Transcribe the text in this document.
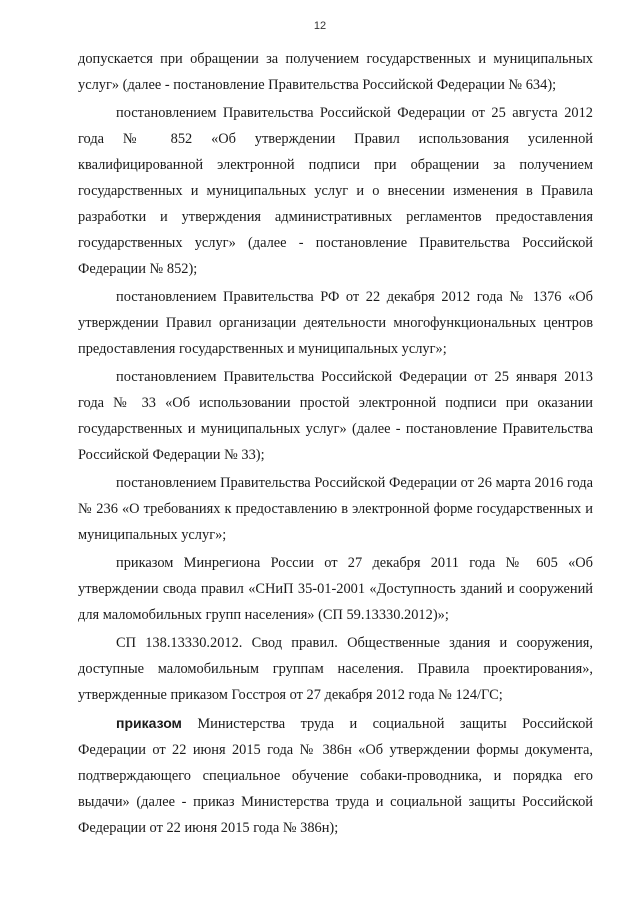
12

допускается при обращении за получением государственных и муниципальных услуг» (далее - постановление Правительства Российской Федерации № 634);

постановлением Правительства Российской Федерации от 25 августа 2012 года № 852 «Об утверждении Правил использования усиленной квалифицированной электронной подписи при обращении за получением государственных и муниципальных услуг и о внесении изменения в Правила разработки и утверждения административных регламентов предоставления государственных услуг» (далее - постановление Правительства Российской Федерации № 852);

постановлением Правительства РФ от 22 декабря 2012 года № 1376 «Об утверждении Правил организации деятельности многофункциональных центров предоставления государственных и муниципальных услуг»;

постановлением Правительства Российской Федерации от 25 января 2013 года № 33 «Об использовании простой электронной подписи при оказании государственных и муниципальных услуг» (далее - постановление Правительства Российской Федерации № 33);

постановлением Правительства Российской Федерации от 26 марта 2016 года № 236 «О требованиях к предоставлению в электронной форме государственных и муниципальных услуг»;

приказом Минрегиона России от 27 декабря 2011 года № 605 «Об утверждении свода правил «СНиП 35-01-2001 «Доступность зданий и сооружений для маломобильных групп населения» (СП 59.13330.2012)»;

СП 138.13330.2012. Свод правил. Общественные здания и сооружения, доступные маломобильным группам населения. Правила проектирования», утвержденные приказом Госстроя от 27 декабря 2012 года № 124/ГС;

приказом Министерства труда и социальной защиты Российской Федерации от 22 июня 2015 года № 386н «Об утверждении формы документа, подтверждающего специальное обучение собаки-проводника, и порядка его выдачи» (далее - приказ Министерства труда и социальной защиты Российской Федерации от 22 июня 2015 года № 386н);
